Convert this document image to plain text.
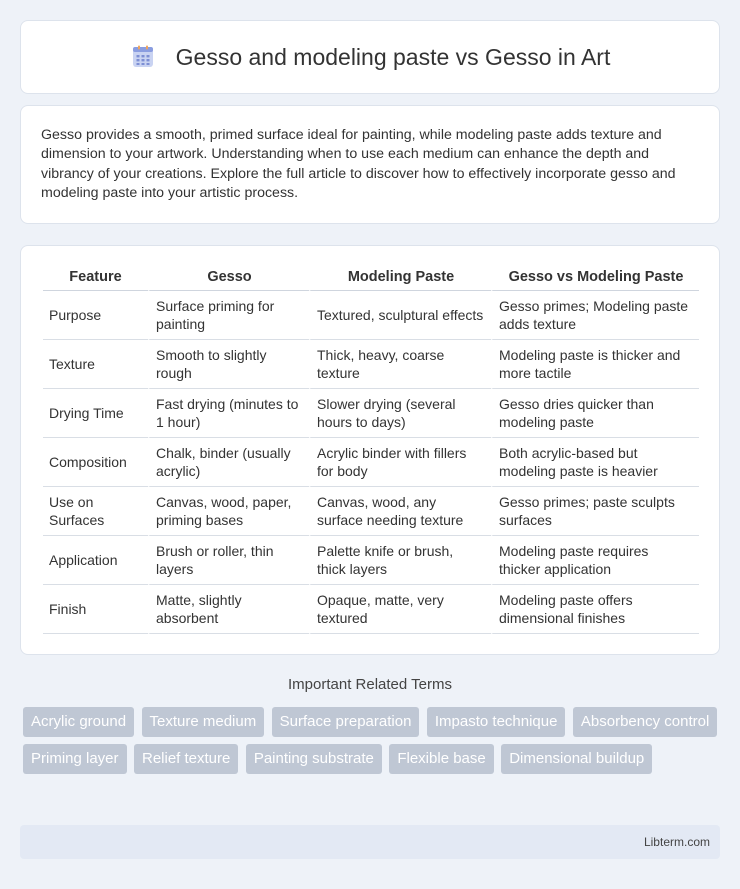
Gesso and modeling paste vs Gesso in Art

Gesso provides a smooth, primed surface ideal for painting, while modeling paste adds texture and dimension to your artwork. Understanding when to use each medium can enhance the depth and vibrancy of your creations. Explore the full article to discover how to effectively incorporate gesso and modeling paste into your artistic process.

Feature	Gesso	Modeling Paste	Gesso vs Modeling Paste
Purpose	Surface priming for painting	Textured, sculptural effects	Gesso primes; Modeling paste adds texture
Texture	Smooth to slightly rough	Thick, heavy, coarse texture	Modeling paste is thicker and more tactile
Drying Time	Fast drying (minutes to 1 hour)	Slower drying (several hours to days)	Gesso dries quicker than modeling paste
Composition	Chalk, binder (usually acrylic)	Acrylic binder with fillers for body	Both acrylic-based but modeling paste is heavier
Use on Surfaces	Canvas, wood, paper, priming bases	Canvas, wood, any surface needing texture	Gesso primes; paste sculpts surfaces
Application	Brush or roller, thin layers	Palette knife or brush, thick layers	Modeling paste requires thicker application
Finish	Matte, slightly absorbent	Opaque, matte, very textured	Modeling paste offers dimensional finishes
Important Related Terms
Acrylic ground Texture medium Surface preparation Impasto technique Absorbency control Priming layer Relief texture Painting substrate Flexible base Dimensional buildup
Libterm.com
